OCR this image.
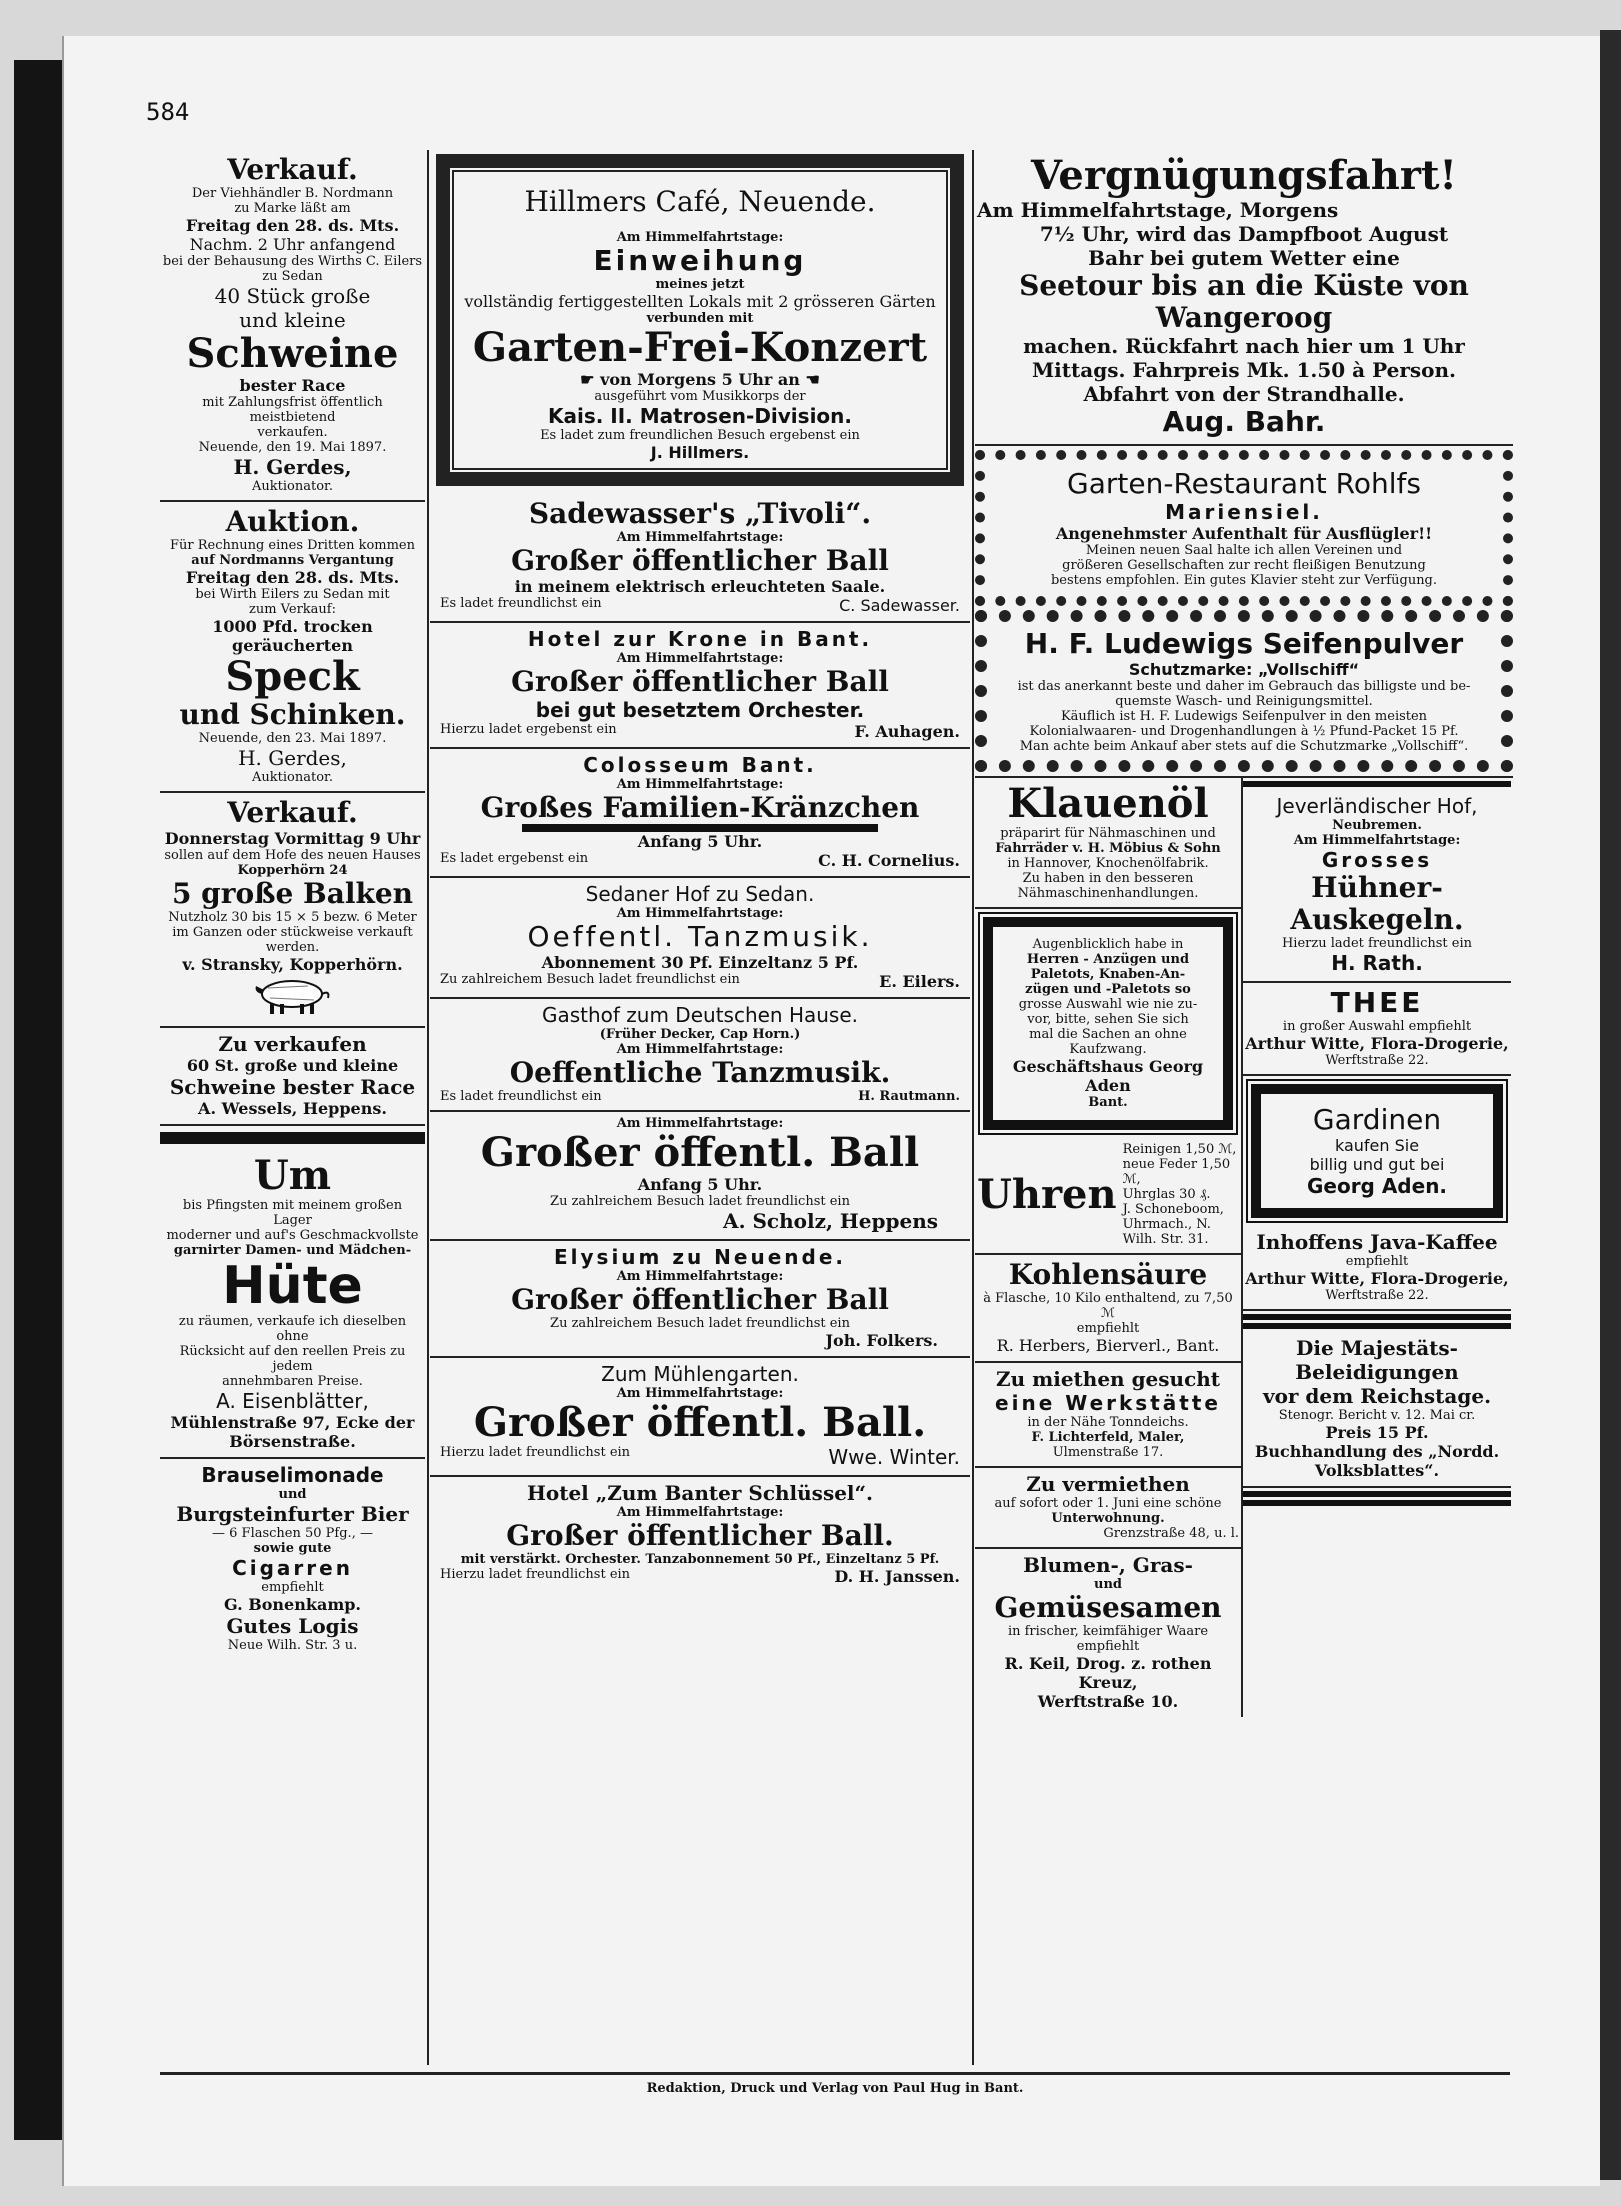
584
Verkauf.
Der Viehhändler B. Nordmann
zu Marke läßt am
Freitag den 28. ds. Mts.
Nachm. 2 Uhr anfangend
bei der Behausung des Wirths C. Eilers
zu Sedan
40 Stück große
und kleine
Schweine
bester Race
mit Zahlungsfrist öffentlich meistbietend
verkaufen.
Neuende, den 19. Mai 1897.
H. Gerdes,
Auktionator.
Auktion.
Für Rechnung eines Dritten kommen
auf Nordmanns Vergantung
Freitag den 28. ds. Mts.
bei Wirth Eilers zu Sedan mit
zum Verkauf:
1000 Pfd. trocken geräucherten
Speck
und Schinken.
Neuende, den 23. Mai 1897.
H. Gerdes,
Auktionator.
Verkauf.
Donnerstag Vormittag 9 Uhr
sollen auf dem Hofe des neuen Hauses
Kopperhörn 24
5 große Balken
Nutzholz 30 bis 15 × 5 bezw. 6 Meter
im Ganzen oder stückweise verkauft werden.
v. Stransky, Kopperhörn.
Zu verkaufen
60 St. große und kleine
Schweine bester Race
A. Wessels, Heppens.
Um
bis Pfingsten mit meinem großen Lager
moderner und auf's Geschmackvollste
garnirter Damen- und Mädchen-
Hüte
zu räumen, verkaufe ich dieselben ohne
Rücksicht auf den reellen Preis zu jedem
annehmbaren Preise.
A. Eisenblätter,
Mühlenstraße 97, Ecke der
Börsenstraße.
Brauselimonade
und
Burgsteinfurter Bier
— 6 Flaschen 50 Pfg., —
sowie gute
Cigarren
empfiehlt
G. Bonenkamp.
Gutes Logis
Neue Wilh. Str. 3 u.
Hillmers Café, Neuende.
Am Himmelfahrtstage:
Einweihung
meines jetzt
vollständig fertiggestellten Lokals mit 2 grösseren Gärten
verbunden mit
Garten-Frei-Konzert
☛ von Morgens 5 Uhr an ☚
ausgeführt vom Musikkorps der
Kais. II. Matrosen-Division.
Es ladet zum freundlichen Besuch ergebenst ein
J. Hillmers.
Sadewasser's „Tivoli“.
Am Himmelfahrtstage:
Großer öffentlicher Ball
in meinem elektrisch erleuchteten Saale.
Es ladet freundlichst ein	C. Sadewasser.
Hotel zur Krone in Bant.
Am Himmelfahrtstage:
Großer öffentlicher Ball
bei gut besetztem Orchester.
Hierzu ladet ergebenst ein	F. Auhagen.
Colosseum Bant.
Am Himmelfahrtstage:
Großes Familien-Kränzchen
Anfang 5 Uhr.
Es ladet ergebenst ein	C. H. Cornelius.
Sedaner Hof zu Sedan.
Am Himmelfahrtstage:
Oeffentl. Tanzmusik.
Abonnement 30 Pf. Einzeltanz 5 Pf.
Zu zahlreichem Besuch ladet freundlichst ein	E. Eilers.
Gasthof zum Deutschen Hause.
(Früher Decker, Cap Horn.)
Am Himmelfahrtstage:
Oeffentliche Tanzmusik.
Es ladet freundlichst ein	H. Rautmann.
Am Himmelfahrtstage:
Großer öffentl. Ball
Anfang 5 Uhr.
Zu zahlreichem Besuch ladet freundlichst ein
A. Scholz, Heppens
Elysium zu Neuende.
Am Himmelfahrtstage:
Großer öffentlicher Ball
Zu zahlreichem Besuch ladet freundlichst ein
Joh. Folkers.
Zum Mühlengarten.
Am Himmelfahrtstage:
Großer öffentl. Ball.
Hierzu ladet freundlichst ein	Wwe. Winter.
Hotel „Zum Banter Schlüssel“.
Am Himmelfahrtstage:
Großer öffentlicher Ball.
mit verstärkt. Orchester. Tanzabonnement 50 Pf., Einzeltanz 5 Pf.
Hierzu ladet freundlichst ein	D. H. Janssen.
Vergnügungsfahrt!
Am Himmelfahrtstage, Morgens
7½ Uhr, wird das Dampfboot August
Bahr bei gutem Wetter eine
Seetour bis an die Küste von Wangeroog
machen. Rückfahrt nach hier um 1 Uhr
Mittags. Fahrpreis Mk. 1.50 à Person.
Abfahrt von der Strandhalle.
Aug. Bahr.
Garten-Restaurant Rohlfs
Mariensiel.
Angenehmster Aufenthalt für Ausflügler!!
Meinen neuen Saal halte ich allen Vereinen und
größeren Gesellschaften zur recht fleißigen Benutzung
bestens empfohlen. Ein gutes Klavier steht zur Verfügung.
H. F. Ludewigs Seifenpulver
Schutzmarke: „Vollschiff“
ist das anerkannt beste und daher im Gebrauch das billigste und be-
quemste Wasch- und Reinigungsmittel.
Käuflich ist H. F. Ludewigs Seifenpulver in den meisten
Kolonialwaaren- und Drogenhandlungen à ½ Pfund-Packet 15 Pf.
Man achte beim Ankauf aber stets auf die Schutzmarke „Vollschiff“.
Klauenöl
präparirt für Nähmaschinen und
Fahrräder v. H. Möbius & Sohn
in Hannover, Knochenölfabrik.
Zu haben in den besseren
Nähmaschinenhandlungen.
Augenblicklich habe in
Herren - Anzügen und
Paletots, Knaben-An-
zügen und -Paletots so
grosse Auswahl wie nie zu-
vor, bitte, sehen Sie sich
mal die Sachen an ohne
Kaufzwang.
Geschäftshaus Georg Aden
Bant.
Uhren
Reinigen 1,50 ℳ,
neue Feder 1,50 ℳ,
Uhrglas 30 ₰.
J. Schoneboom,
Uhrmach., N. Wilh. Str. 31.
Kohlensäure
à Flasche, 10 Kilo enthaltend, zu 7,50 ℳ
empfiehlt
R. Herbers, Bierverl., Bant.
Zu miethen gesucht
eine Werkstätte
in der Nähe Tonndeichs.
F. Lichterfeld, Maler,
Ulmenstraße 17.
Zu vermiethen
auf sofort oder 1. Juni eine schöne
Unterwohnung.
Grenzstraße 48, u. l.
Blumen-, Gras-
und
Gemüsesamen
in frischer, keimfähiger Waare
empfiehlt
R. Keil, Drog. z. rothen Kreuz,
Werftstraße 10.
Jeverländischer Hof,
Neubremen.
Am Himmelfahrtstage:
Grosses
Hühner-Auskegeln.
Hierzu ladet freundlichst ein
H. Rath.
THEE
in großer Auswahl empfiehlt
Arthur Witte, Flora-Drogerie,
Werftstraße 22.
Gardinen
kaufen Sie
billig und gut bei
Georg Aden.
Inhoffens Java-Kaffee
empfiehlt
Arthur Witte, Flora-Drogerie,
Werftstraße 22.
Die Majestäts-Beleidigungen
vor dem Reichstage.
Stenogr. Bericht v. 12. Mai cr.
Preis 15 Pf.
Buchhandlung des „Nordd.
Volksblattes“.
Redaktion, Druck und Verlag von Paul Hug in Bant.
